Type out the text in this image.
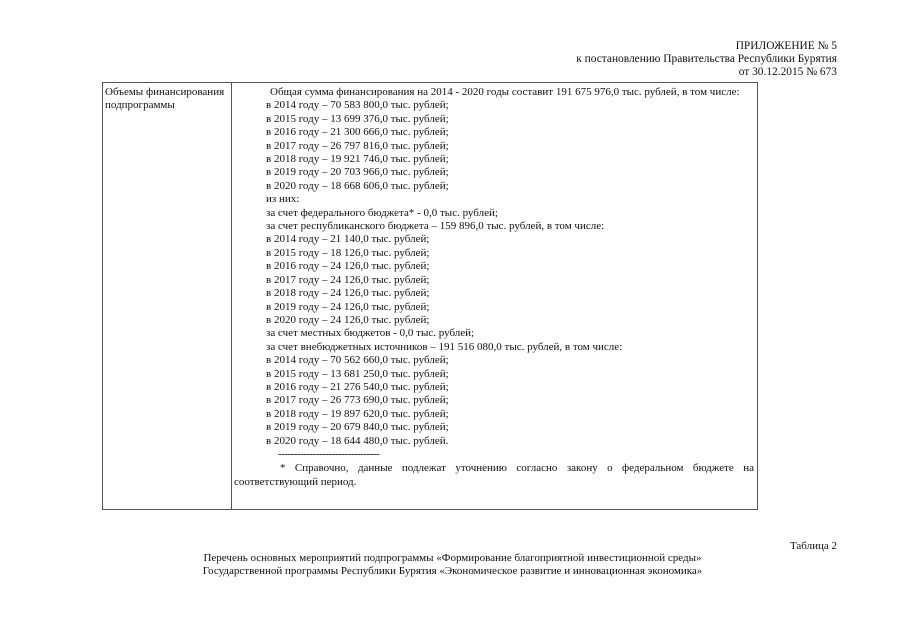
ПРИЛОЖЕНИЕ № 5
к постановлению Правительства Республики Бурятия
от 30.12.2015 № 673
Объемы финансирования
подпрограммы
Общая сумма финансирования на 2014 - 2020 годы составит 191 675 976,0 тыс. рублей, в том числе:
в 2014 году – 70 583 800,0 тыс. рублей;
в 2015 году – 13 699 376,0 тыс. рублей;
в 2016 году – 21 300 666,0 тыс. рублей;
в 2017 году – 26 797 816,0 тыс. рублей;
в 2018 году – 19 921 746,0 тыс. рублей;
в 2019 году – 20 703 966,0 тыс. рублей;
в 2020 году – 18 668 606,0 тыс. рублей;
из них:
за счет федерального бюджета* - 0,0 тыс. рублей;
за счет республиканского бюджета – 159 896,0 тыс. рублей, в том числе:
в 2014 году – 21 140,0 тыс. рублей;
в 2015 году – 18 126,0 тыс. рублей;
в 2016 году – 24 126,0 тыс. рублей;
в 2017 году – 24 126,0 тыс. рублей;
в 2018 году – 24 126,0 тыс. рублей;
в 2019 году – 24 126,0 тыс. рублей;
в 2020 году – 24 126,0 тыс. рублей;
за счет местных бюджетов - 0,0 тыс. рублей;
за счет внебюджетных источников – 191 516 080,0 тыс. рублей, в том числе:
в 2014 году – 70 562 660,0 тыс. рублей;
в 2015 году – 13 681 250,0 тыс. рублей;
в 2016 году – 21 276 540,0 тыс. рублей;
в 2017 году – 26 773 690,0 тыс. рублей;
в 2018 году – 19 897 620,0 тыс. рублей;
в 2019 году – 20 679 840,0 тыс. рублей;
в 2020 году – 18 644 480,0 тыс. рублей.
--------------------------------
* Справочно, данные подлежат уточнению согласно закону о федеральном бюджете на соответствующий период.
Таблица 2
Перечень основных мероприятий подпрограммы «Формирование благоприятной инвестиционной среды»
Государственной программы Республики Бурятия «Экономическое развитие и инновационная экономика»
